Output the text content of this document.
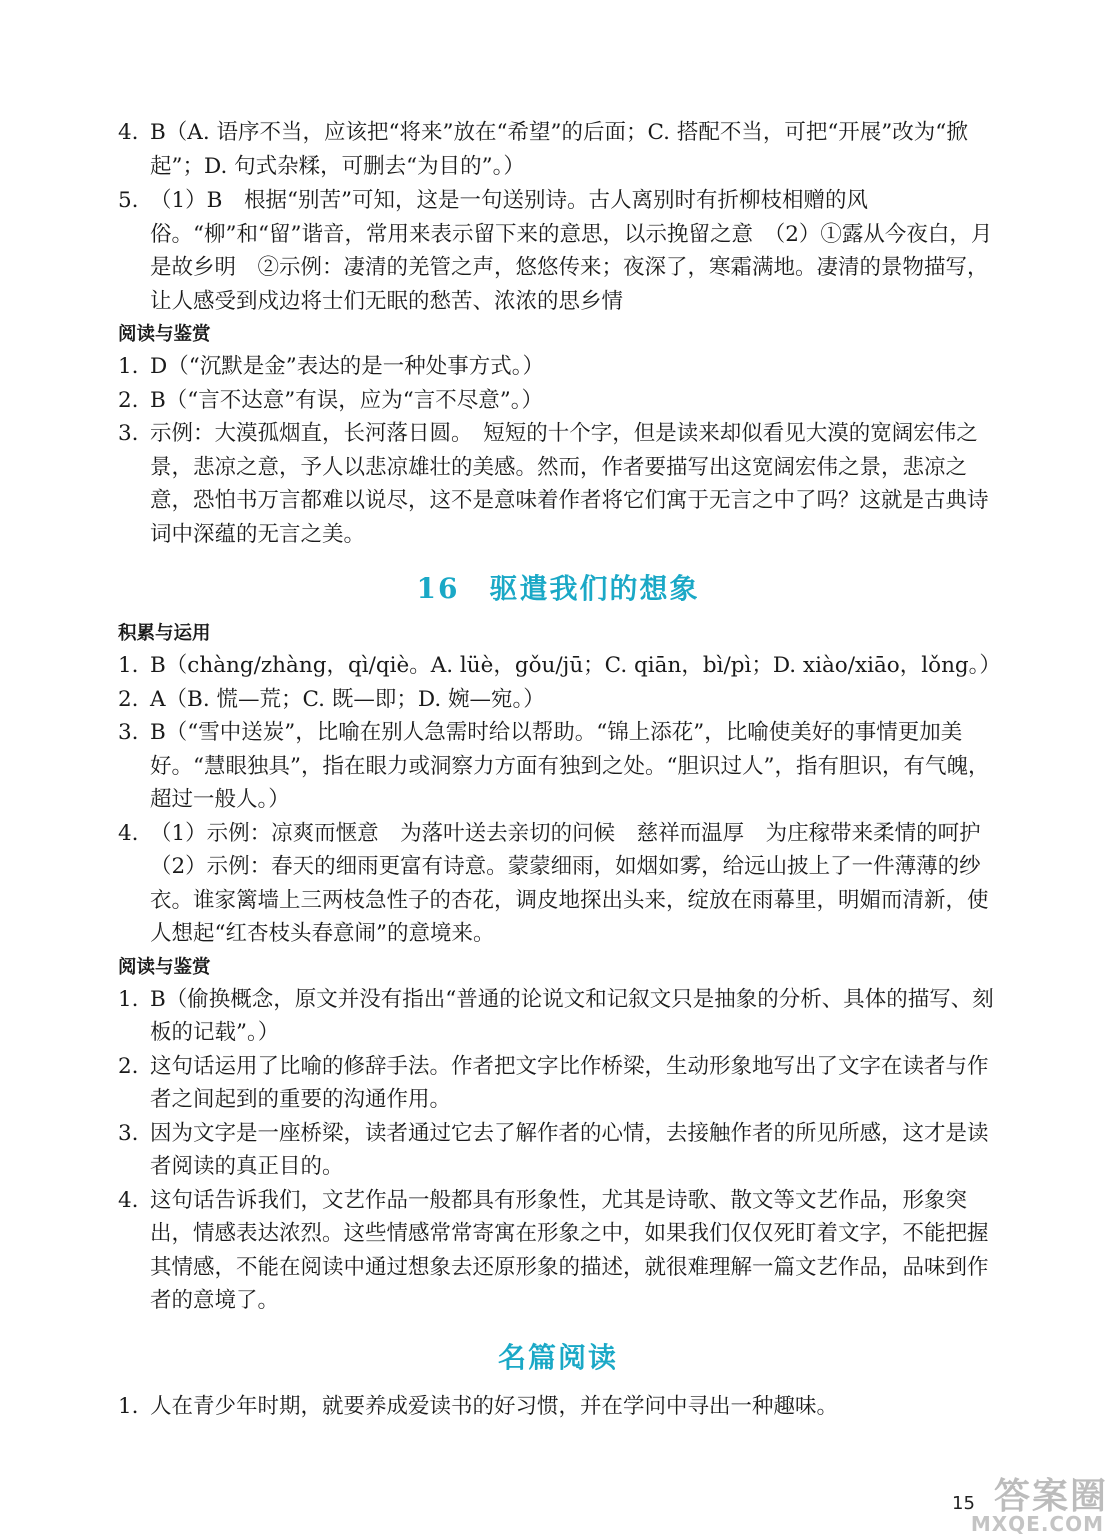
4. B（A. 语序不当，应该把“将来”放在“希望”的后面；C. 搭配不当，可把“开展”改为“掀起”；D. 句式杂糅，可删去“为目的”。）
5. （1）B　根据“别苦”可知，这是一句送别诗。古人离别时有折柳枝相赠的风俗。“柳”和“留”谐音，常用来表示留下来的意思，以示挽留之意　（2）①露从今夜白，月是故乡明　②示例：凄清的羌管之声，悠悠传来；夜深了，寒霜满地。凄清的景物描写，让人感受到戍边将士们无眠的愁苦、浓浓的思乡情
阅读与鉴赏
1. D（“沉默是金”表达的是一种处事方式。）
2. B（“言不达意”有误，应为“言不尽意”。）
3. 示例：大漠孤烟直，长河落日圆。　短短的十个字，但是读来却似看见大漠的宽阔宏伟之景，悲凉之意，予人以悲凉雄壮的美感。然而，作者要描写出这宽阔宏伟之景，悲凉之意，恐怕书万言都难以说尽，这不是意味着作者将它们寓于无言之中了吗？这就是古典诗词中深蕴的无言之美。
16 驱遣我们的想象
积累与运用
1. B（chàng/zhàng，qì/qiè。A. lüè，gǒu/jū；C. qiān，bì/pì；D. xiào/xiāo，lǒng。）
2. A（B. 慌—荒；C. 既—即；D. 婉—宛。）
3. B（“雪中送炭”，比喻在别人急需时给以帮助。“锦上添花”，比喻使美好的事情更加美好。“慧眼独具”，指在眼力或洞察力方面有独到之处。“胆识过人”，指有胆识，有气魄，超过一般人。）
4. （1）示例：凉爽而惬意　为落叶送去亲切的问候　慈祥而温厚　为庄稼带来柔情的呵护　（2）示例：春天的细雨更富有诗意。蒙蒙细雨，如烟如雾，给远山披上了一件薄薄的纱衣。谁家篱墙上三两枝急性子的杏花，调皮地探出头来，绽放在雨幕里，明媚而清新，使人想起“红杏枝头春意闹”的意境来。
阅读与鉴赏
1. B（偷换概念，原文并没有指出“普通的论说文和记叙文只是抽象的分析、具体的描写、刻板的记载”。）
2. 这句话运用了比喻的修辞手法。作者把文字比作桥梁，生动形象地写出了文字在读者与作者之间起到的重要的沟通作用。
3. 因为文字是一座桥梁，读者通过它去了解作者的心情，去接触作者的所见所感，这才是读者阅读的真正目的。
4. 这句话告诉我们，文艺作品一般都具有形象性，尤其是诗歌、散文等文艺作品，形象突出，情感表达浓烈。这些情感常常寄寓在形象之中，如果我们仅仅死盯着文字，不能把握其情感，不能在阅读中通过想象去还原形象的描述，就很难理解一篇文艺作品，品味到作者的意境了。
名篇阅读
1. 人在青少年时期，就要养成爱读书的好习惯，并在学问中寻出一种趣味。
15 答案圈
MXQE.COM
